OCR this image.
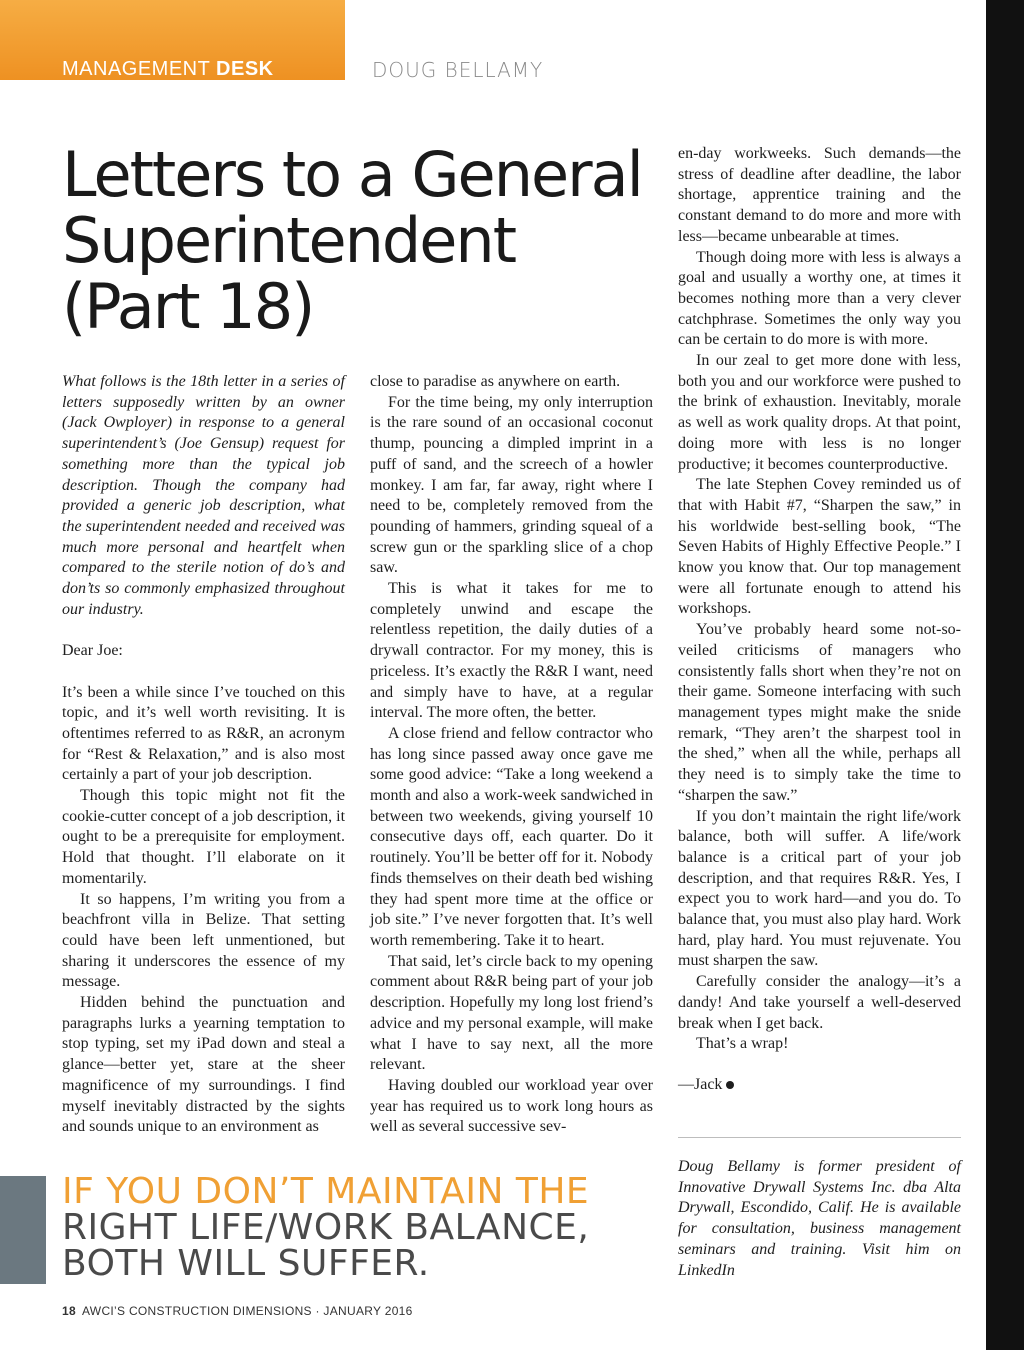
MANAGEMENT DESK	DOUG BELLAMY
Letters to a General
Superintendent
(Part 18)

What follows is the 18th letter in a series of letters supposedly written by an owner (Jack Owployer) in response to a general superintendent’s (Joe Gensup) request for something more than the typical job description. Though the company had provided a generic job description, what the superintendent needed and received was much more personal and heartfelt when compared to the sterile notion of do’s and don’ts so commonly emphasized throughout our industry.

Dear Joe:

It’s been a while since I’ve touched on this topic, and it’s well worth revisiting. It is oftentimes referred to as R&R, an acronym for “Rest & Relaxation,” and is also most certainly a part of your job description.

Though this topic might not fit the cookie-cutter concept of a job description, it ought to be a prerequisite for employment. Hold that thought. I’ll elaborate on it momentarily.

It so happens, I’m writing you from a beachfront villa in Belize. That setting could have been left unmentioned, but sharing it underscores the essence of my message.

Hidden behind the punctuation and paragraphs lurks a yearning temptation to stop typing, set my iPad down and steal a glance—better yet, stare at the sheer magnificence of my surroundings. I find myself inevitably distracted by the sights and sounds unique to an environment as

close to paradise as anywhere on earth.

For the time being, my only interruption is the rare sound of an occasional coconut thump, pouncing a dimpled imprint in a puff of sand, and the screech of a howler monkey. I am far, far away, right where I need to be, completely removed from the pounding of hammers, grinding squeal of a screw gun or the sparkling slice of a chop saw.

This is what it takes for me to completely unwind and escape the relentless repetition, the daily duties of a drywall contractor. For my money, this is priceless. It’s exactly the R&R I want, need and simply have to have, at a regular interval. The more often, the better.

A close friend and fellow contractor who has long since passed away once gave me some good advice: “Take a long weekend a month and also a work-week sandwiched in between two weekends, giving yourself 10 consecutive days off, each quarter. Do it routinely. You’ll be better off for it. Nobody finds themselves on their death bed wishing they had spent more time at the office or job site.” I’ve never forgotten that. It’s well worth remembering. Take it to heart.

That said, let’s circle back to my opening comment about R&R being part of your job description. Hopefully my long lost friend’s advice and my personal example, will make what I have to say next, all the more relevant.

Having doubled our workload year over year has required us to work long hours as well as several successive sev-

en-day workweeks. Such demands—the stress of deadline after deadline, the labor shortage, apprentice training and the constant demand to do more and more with less—became unbearable at times.

Though doing more with less is always a goal and usually a worthy one, at times it becomes nothing more than a very clever catchphrase. Sometimes the only way you can be certain to do more is with more.

In our zeal to get more done with less, both you and our workforce were pushed to the brink of exhaustion. Inevitably, morale as well as work quality drops. At that point, doing more with less is no longer productive; it becomes counterproductive.

The late Stephen Covey reminded us of that with Habit #7, “Sharpen the saw,” in his worldwide best-selling book, “The Seven Habits of Highly Effective People.” I know you know that. Our top management were all fortunate enough to attend his workshops.

You’ve probably heard some not-so-veiled criticisms of managers who consistently falls short when they’re not on their game. Someone interfacing with such management types might make the snide remark, “They aren’t the sharpest tool in the shed,” when all the while, perhaps all they need is to simply take the time to “sharpen the saw.”

If you don’t maintain the right life/work balance, both will suffer. A life/work balance is a critical part of your job description, and that requires R&R. Yes, I expect you to work hard—and you do. To balance that, you must also play hard. Work hard, play hard. You must rejuvenate. You must sharpen the saw.

Carefully consider the analogy—it’s a dandy! And take yourself a well-deserved break when I get back.

That’s a wrap!

—Jack

Doug Bellamy is former president of Innovative Drywall Systems Inc. dba Alta Drywall, Escondido, Calif. He is available for consultation, business management seminars and training. Visit him on LinkedIn

IF YOU DON’T MAINTAIN THE
RIGHT LIFE/WORK BALANCE,
BOTH WILL SUFFER.

18 AWCI’S CONSTRUCTION DIMENSIONS · JANUARY 2016
